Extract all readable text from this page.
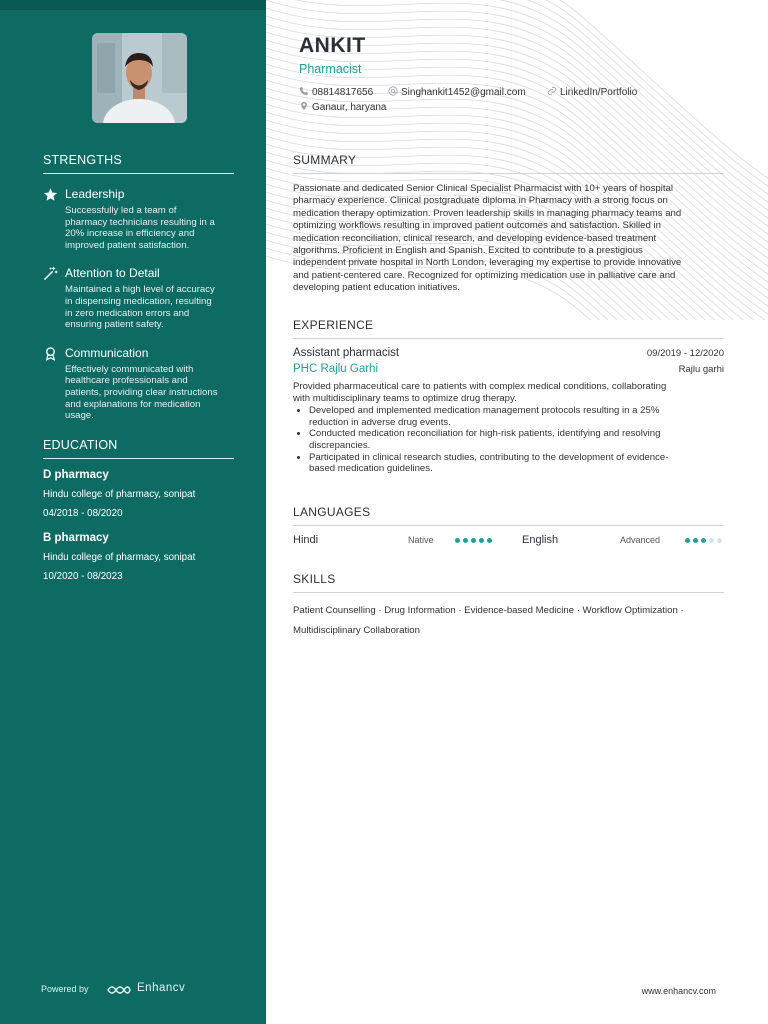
STRENGTHS
Leadership
Successfully led a team of
pharmacy technicians resulting in a
20% increase in efficiency and
improved patient satisfaction.
Attention to Detail
Maintained a high level of accuracy
in dispensing medication, resulting
in zero medication errors and
ensuring patient safety.
Communication
Effectively communicated with
healthcare professionals and
patients, providing clear instructions
and explanations for medication
usage.
EDUCATION
D pharmacy
Hindu college of pharmacy, sonipat
04/2018 - 08/2020
B pharmacy
Hindu college of pharmacy, sonipat
10/2020 - 08/2023
Powered by	Enhancv
ANKIT
Pharmacist
08814817656	Singhankit1452@gmail.com	LinkedIn/Portfolio
Ganaur, haryana
SUMMARY
Passionate and dedicated Senior Clinical Specialist Pharmacist with 10+ years of hospital
pharmacy experience. Clinical postgraduate diploma in Pharmacy with a strong focus on
medication therapy optimization. Proven leadership skills in managing pharmacy teams and
optimizing workflows resulting in improved patient outcomes and satisfaction. Skilled in
medication reconciliation, clinical research, and developing evidence-based treatment
algorithms. Proficient in English and Spanish. Excited to contribute to a prestigious
independent private hospital in North London, leveraging my expertise to provide innovative
and patient-centered care. Recognized for optimizing medication use in palliative care and
developing patient education initiatives.
EXPERIENCE
Assistant pharmacist	09/2019 - 12/2020
PHC Rajlu Garhi	Rajlu garhi
Provided pharmaceutical care to patients with complex medical conditions, collaborating
with multidisciplinary teams to optimize drug therapy.
• Developed and implemented medication management protocols resulting in a 25%
reduction in adverse drug events.
• Conducted medication reconciliation for high-risk patients, identifying and resolving
discrepancies.
• Participated in clinical research studies, contributing to the development of evidence-
based medication guidelines.
LANGUAGES
Hindi	Native	English	Advanced
SKILLS
Patient Counselling · Drug Information · Evidence-based Medicine · Workflow Optimization ·
Multidisciplinary Collaboration
www.enhancv.com
